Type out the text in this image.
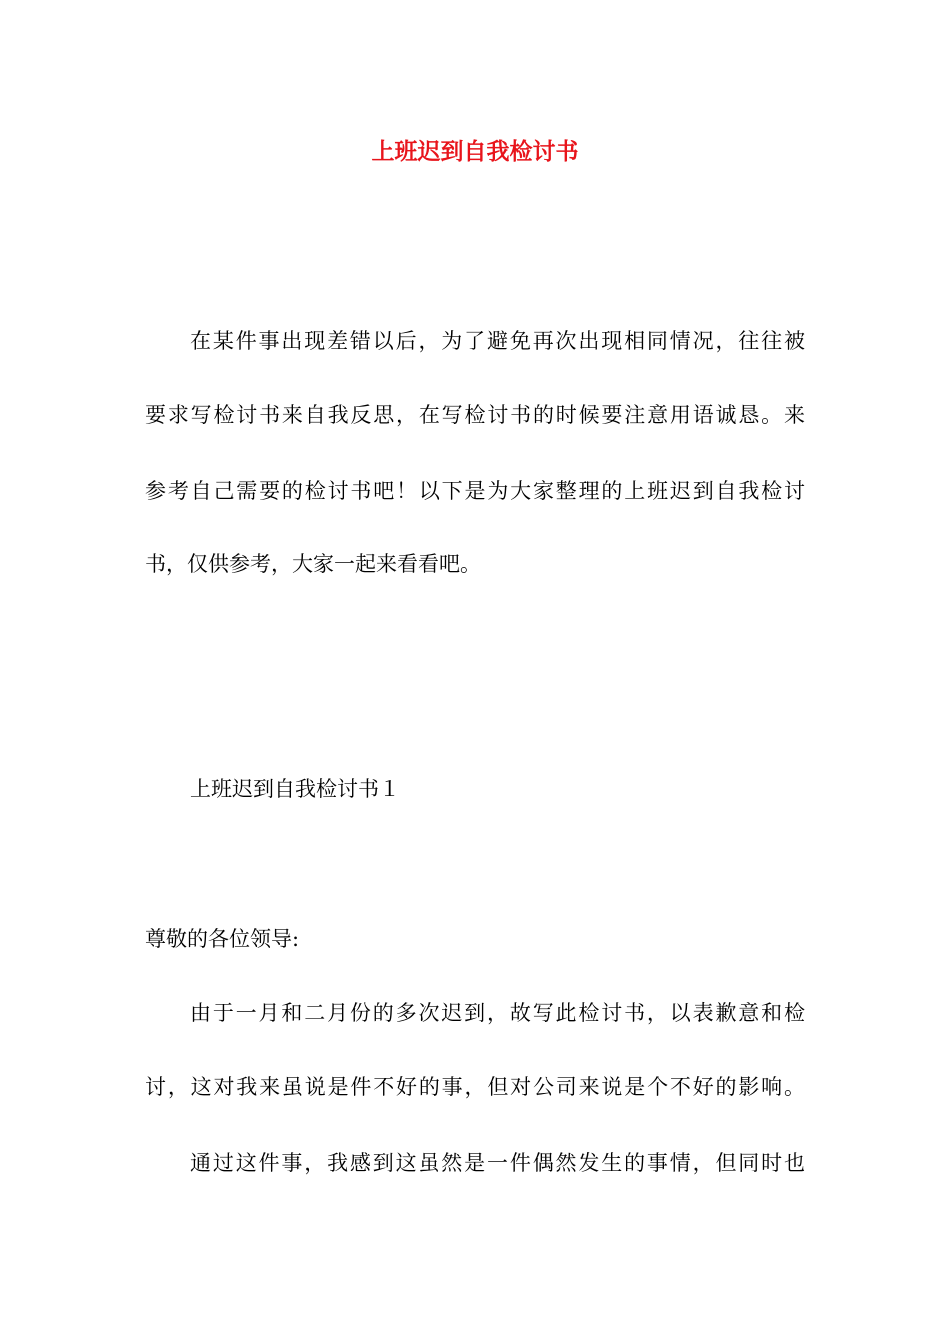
上班迟到自我检讨书

在某件事出现差错以后，为了避免再次出现相同情况，往往被

要求写检讨书来自我反思，在写检讨书的时候要注意用语诚恳。来

参考自己需要的检讨书吧！以下是为大家整理的上班迟到自我检讨

书，仅供参考，大家一起来看看吧。

上班迟到自我检讨书１

尊敬的各位领导:

由于一月和二月份的多次迟到，故写此检讨书，以表歉意和检

讨，这对我来虽说是件不好的事，但对公司来说是个不好的影响。

通过这件事，我感到这虽然是一件偶然发生的事情，但同时也
